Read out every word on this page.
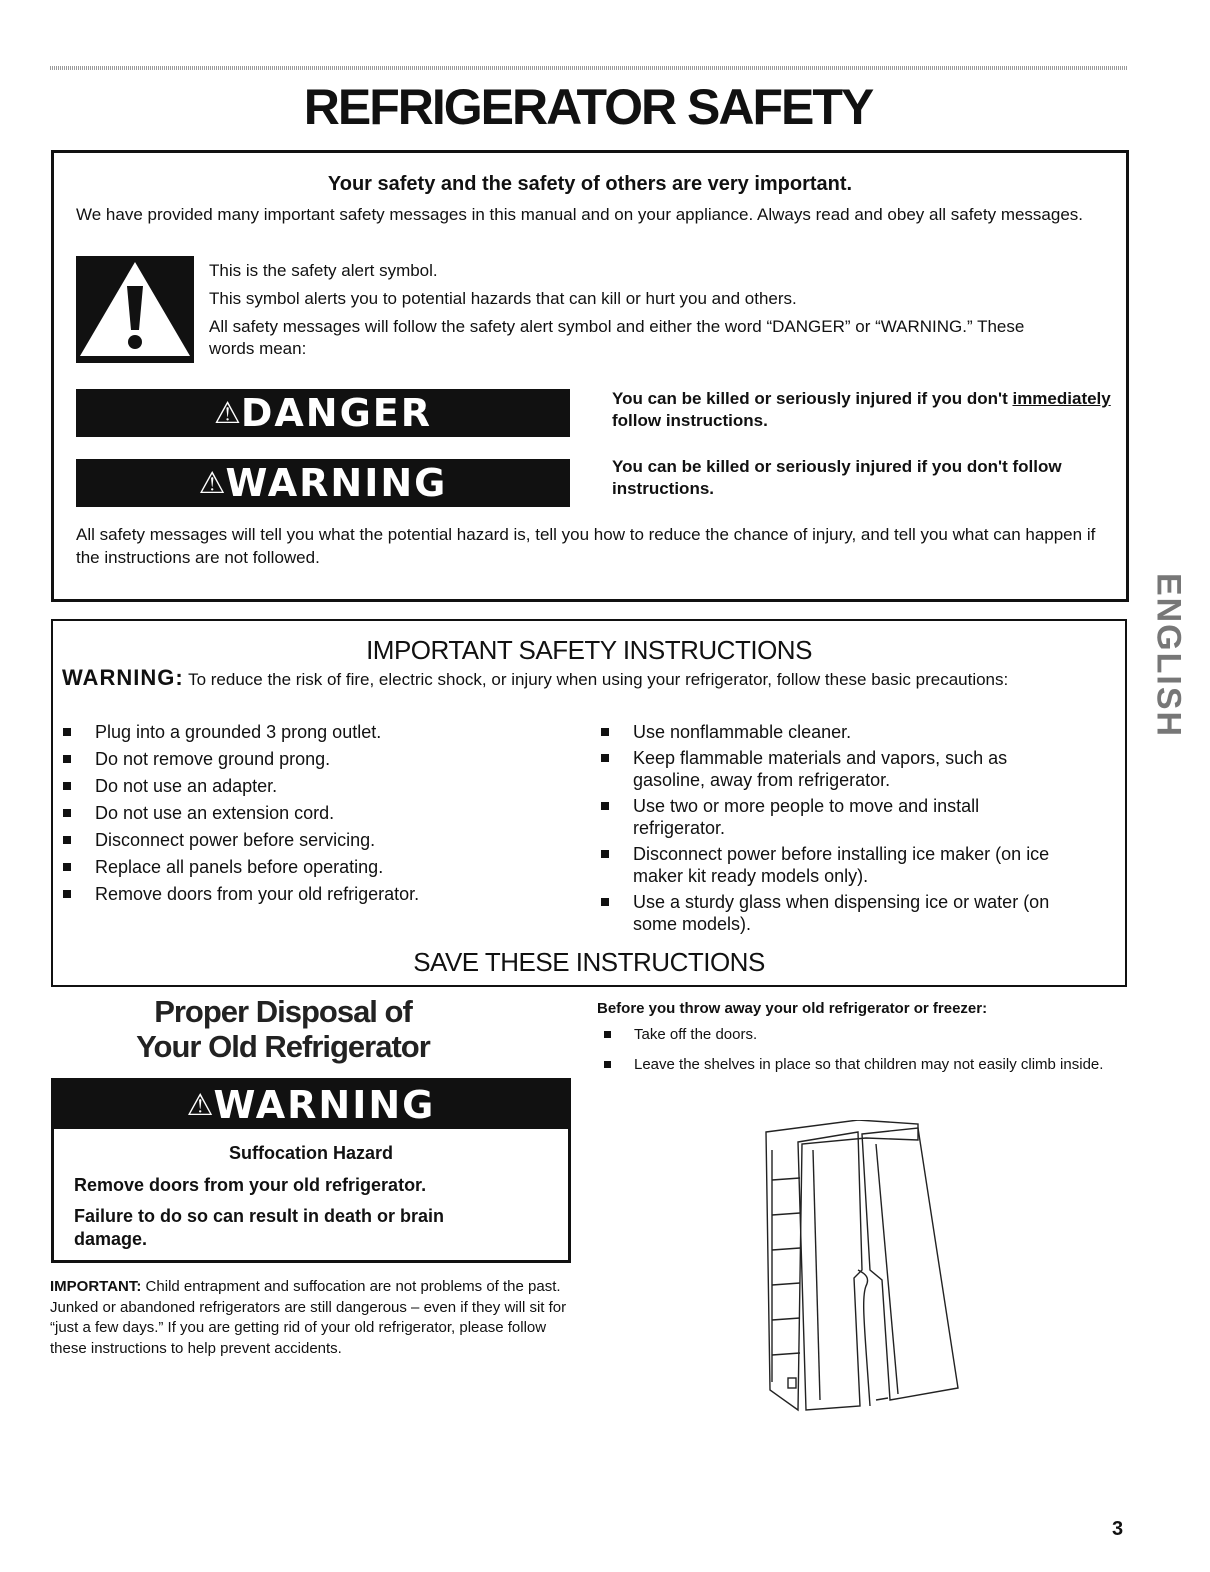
REFRIGERATOR SAFETY
Your safety and the safety of others are very important.
We have provided many important safety messages in this manual and on your appliance. Always read and obey all safety messages.
This is the safety alert symbol.
This symbol alerts you to potential hazards that can kill or hurt you and others.
All safety messages will follow the safety alert symbol and either the word “DANGER” or “WARNING.” These words mean:
⚠DANGER	You can be killed or seriously injured if you don't immediately follow instructions.
⚠WARNING	You can be killed or seriously injured if you don't follow instructions.
All safety messages will tell you what the potential hazard is, tell you how to reduce the chance of injury, and tell you what can happen if the instructions are not followed.
IMPORTANT SAFETY INSTRUCTIONS
WARNING: To reduce the risk of fire, electric shock, or injury when using your refrigerator, follow these basic precautions:
Plug into a grounded 3 prong outlet.
Do not remove ground prong.
Do not use an adapter.
Do not use an extension cord.
Disconnect power before servicing.
Replace all panels before operating.
Remove doors from your old refrigerator.
Use nonflammable cleaner.
Keep flammable materials and vapors, such as gasoline, away from refrigerator.
Use two or more people to move and install refrigerator.
Disconnect power before installing ice maker (on ice maker kit ready models only).
Use a sturdy glass when dispensing ice or water (on some models).
SAVE THESE INSTRUCTIONS
Proper Disposal of
Your Old Refrigerator
⚠WARNING
Suffocation Hazard
Remove doors from your old refrigerator.
Failure to do so can result in death or brain damage.
IMPORTANT: Child entrapment and suffocation are not problems of the past. Junked or abandoned refrigerators are still dangerous – even if they will sit for “just a few days.” If you are getting rid of your old refrigerator, please follow these instructions to help prevent accidents.
Before you throw away your old refrigerator or freezer:
Take off the doors.
Leave the shelves in place so that children may not easily climb inside.
ENGLISH
3
